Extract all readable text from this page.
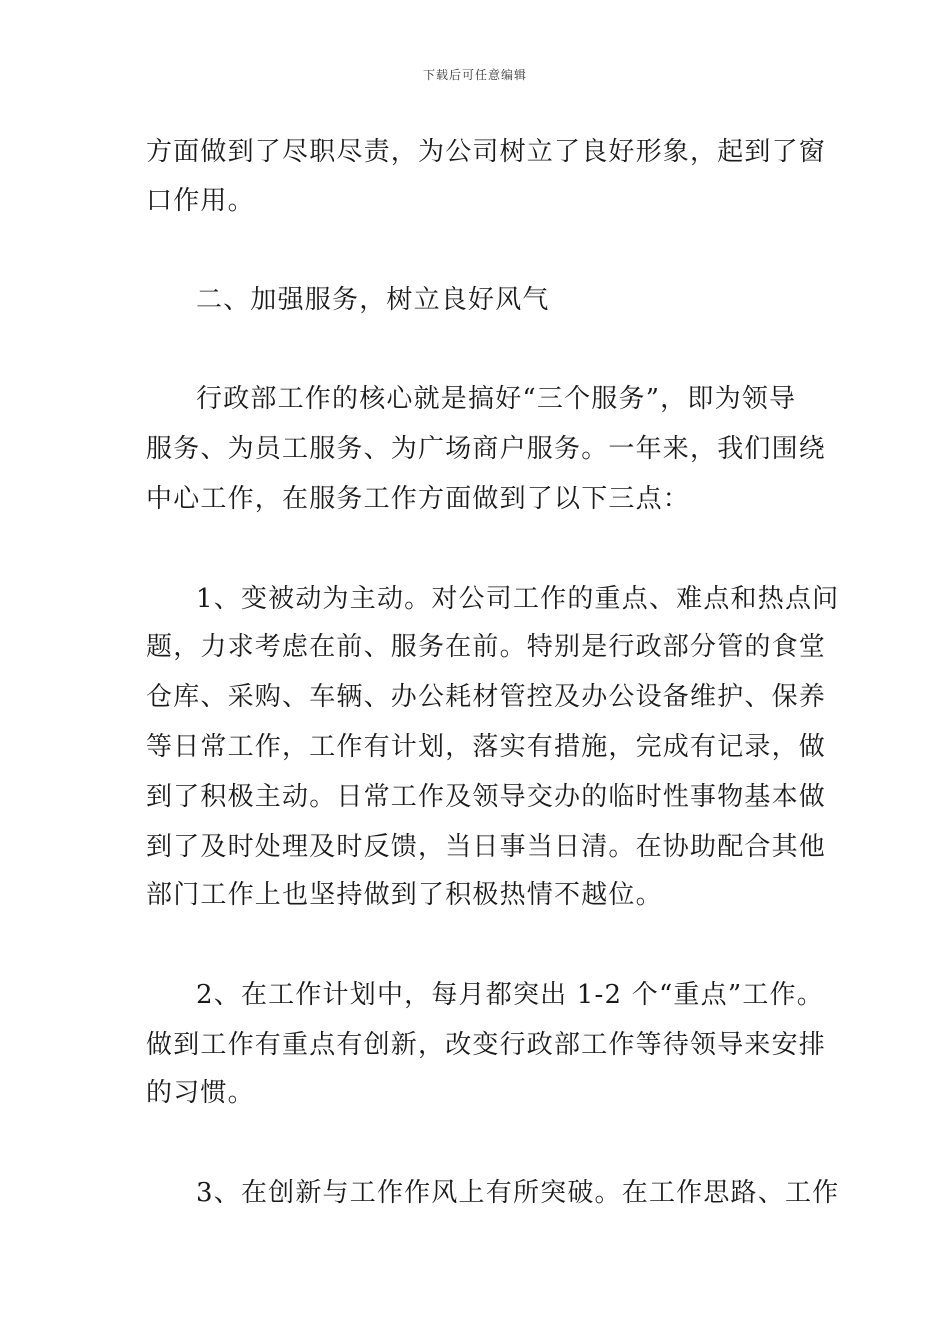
下载后可任意编辑
方面做到了尽职尽责，为公司树立了良好形象，起到了窗
口作用。
二、加强服务，树立良好风气
行政部工作的核心就是搞好“三个服务”，即为领导
服务、为员工服务、为广场商户服务。一年来，我们围绕
中心工作，在服务工作方面做到了以下三点：
1、变被动为主动。对公司工作的重点、难点和热点问
题，力求考虑在前、服务在前。特别是行政部分管的食堂
仓库、采购、车辆、办公耗材管控及办公设备维护、保养
等日常工作，工作有计划，落实有措施，完成有记录，做
到了积极主动。日常工作及领导交办的临时性事物基本做
到了及时处理及时反馈，当日事当日清。在协助配合其他
部门工作上也坚持做到了积极热情不越位。
2、在工作计划中，每月都突出 1-2 个“重点”工作。
做到工作有重点有创新，改变行政部工作等待领导来安排
的习惯。
3、在创新与工作作风上有所突破。在工作思路、工作
